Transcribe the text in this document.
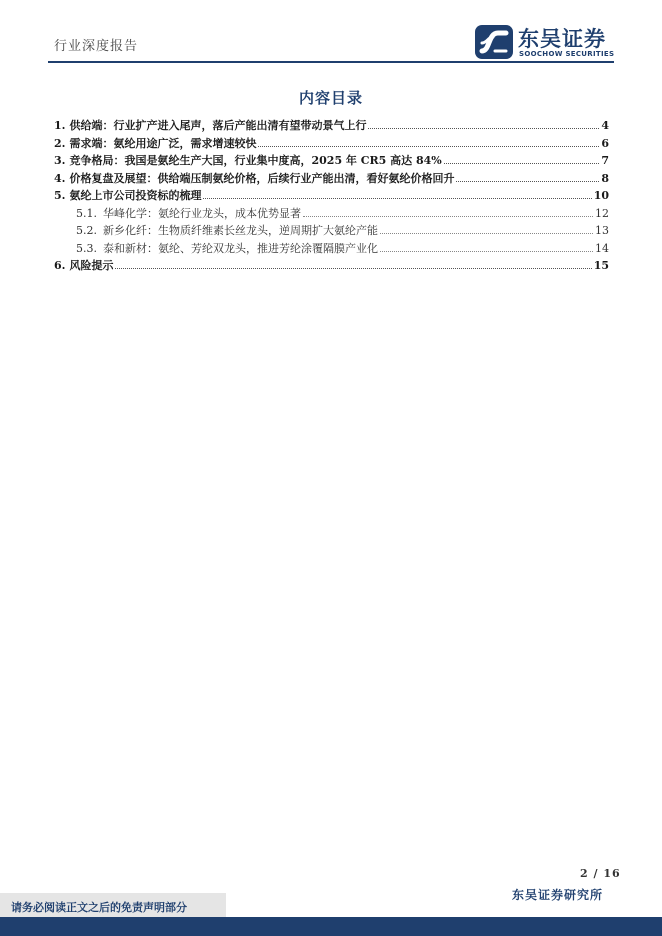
行业深度报告	东吴证券
SOOCHOW SECURITIES
内容目录
1. 供给端：行业扩产进入尾声，落后产能出清有望带动景气上行	4
2. 需求端：氨纶用途广泛，需求增速较快	6
3. 竞争格局：我国是氨纶生产大国，行业集中度高，2025 年 CR5 高达 84%	7
4. 价格复盘及展望：供给端压制氨纶价格，后续行业产能出清，看好氨纶价格回升	8
5. 氨纶上市公司投资标的梳理	10
5.1. 华峰化学：氨纶行业龙头，成本优势显著	12
5.2. 新乡化纤：生物质纤维素长丝龙头，逆周期扩大氨纶产能	13
5.3. 泰和新材：氨纶、芳纶双龙头，推进芳纶涂覆隔膜产业化	14
6. 风险提示	15
2 / 16
东吴证券研究所
请务必阅读正文之后的免责声明部分
